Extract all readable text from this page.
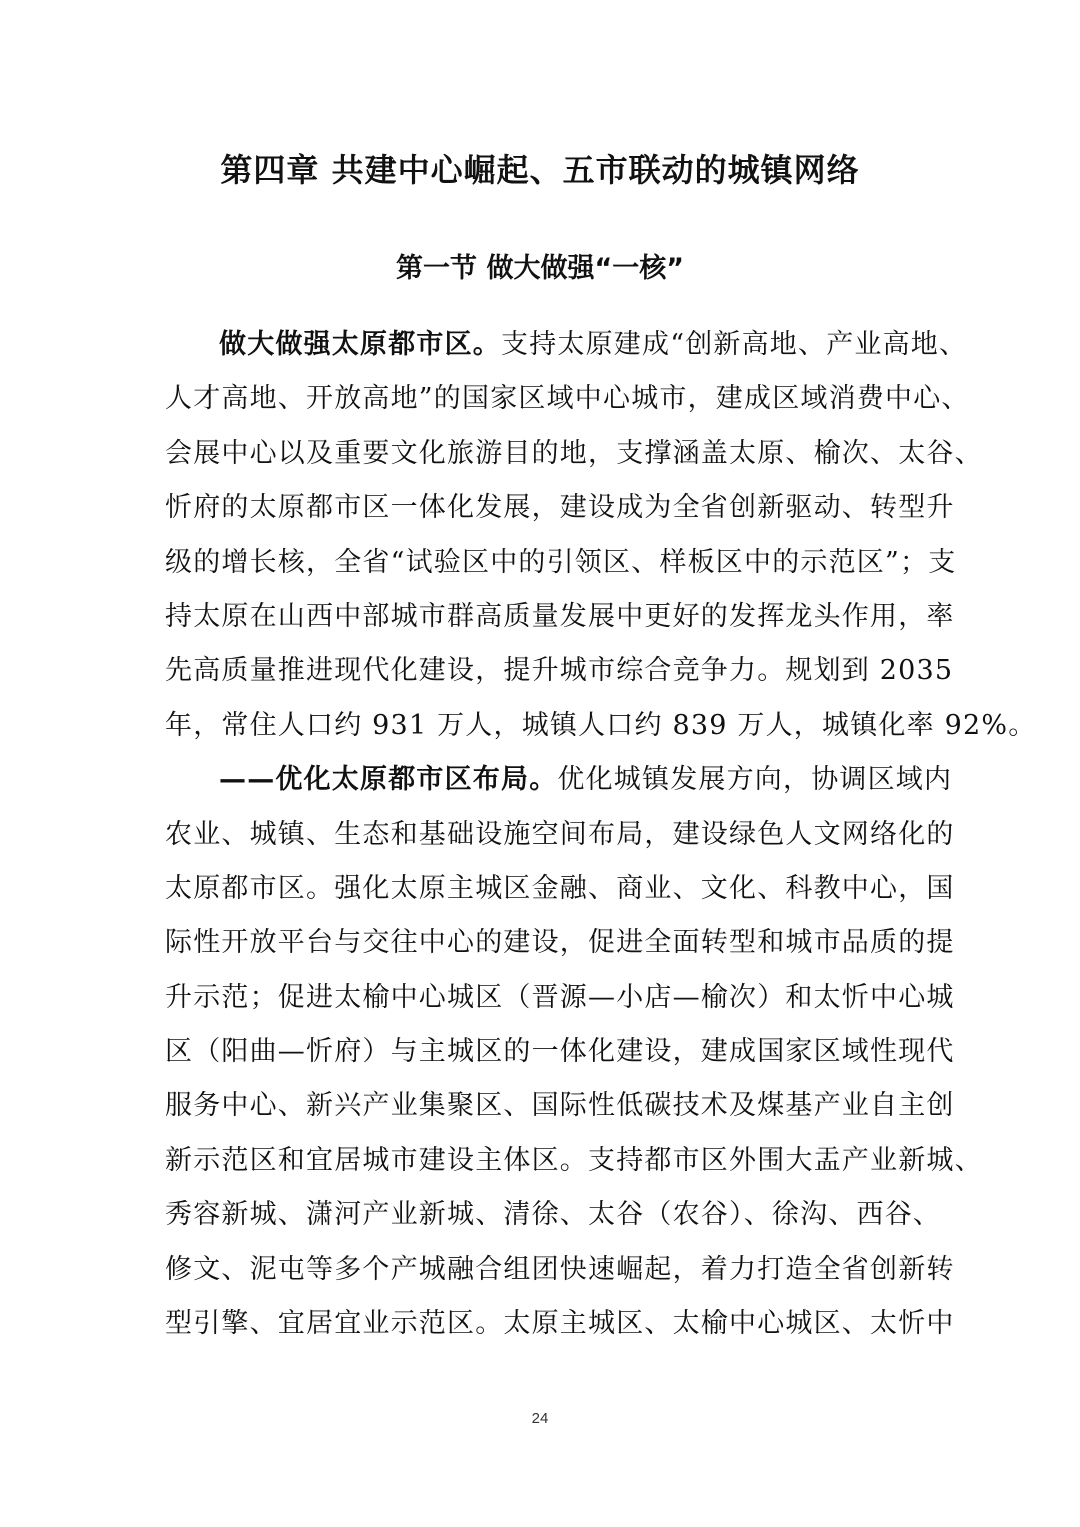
第四章 共建中心崛起、五市联动的城镇网络
第一节 做大做强“一核”
做大做强太原都市区。支持太原建成“创新高地、产业高地、
人才高地、开放高地”的国家区域中心城市，建成区域消费中心、
会展中心以及重要文化旅游目的地，支撑涵盖太原、榆次、太谷、
忻府的太原都市区一体化发展，建设成为全省创新驱动、转型升
级的增长核，全省“试验区中的引领区、样板区中的示范区”；支
持太原在山西中部城市群高质量发展中更好的发挥龙头作用，率
先高质量推进现代化建设，提升城市综合竞争力。规划到 2035
年，常住人口约 931 万人，城镇人口约 839 万人，城镇化率 92%。
——优化太原都市区布局。优化城镇发展方向，协调区域内
农业、城镇、生态和基础设施空间布局，建设绿色人文网络化的
太原都市区。强化太原主城区金融、商业、文化、科教中心，国
际性开放平台与交往中心的建设，促进全面转型和城市品质的提
升示范；促进太榆中心城区（晋源—小店—榆次）和太忻中心城
区（阳曲—忻府）与主城区的一体化建设，建成国家区域性现代
服务中心、新兴产业集聚区、国际性低碳技术及煤基产业自主创
新示范区和宜居城市建设主体区。支持都市区外围大盂产业新城、
秀容新城、潇河产业新城、清徐、太谷（农谷）、徐沟、西谷、
修文、泥屯等多个产城融合组团快速崛起，着力打造全省创新转
型引擎、宜居宜业示范区。太原主城区、太榆中心城区、太忻中
24
